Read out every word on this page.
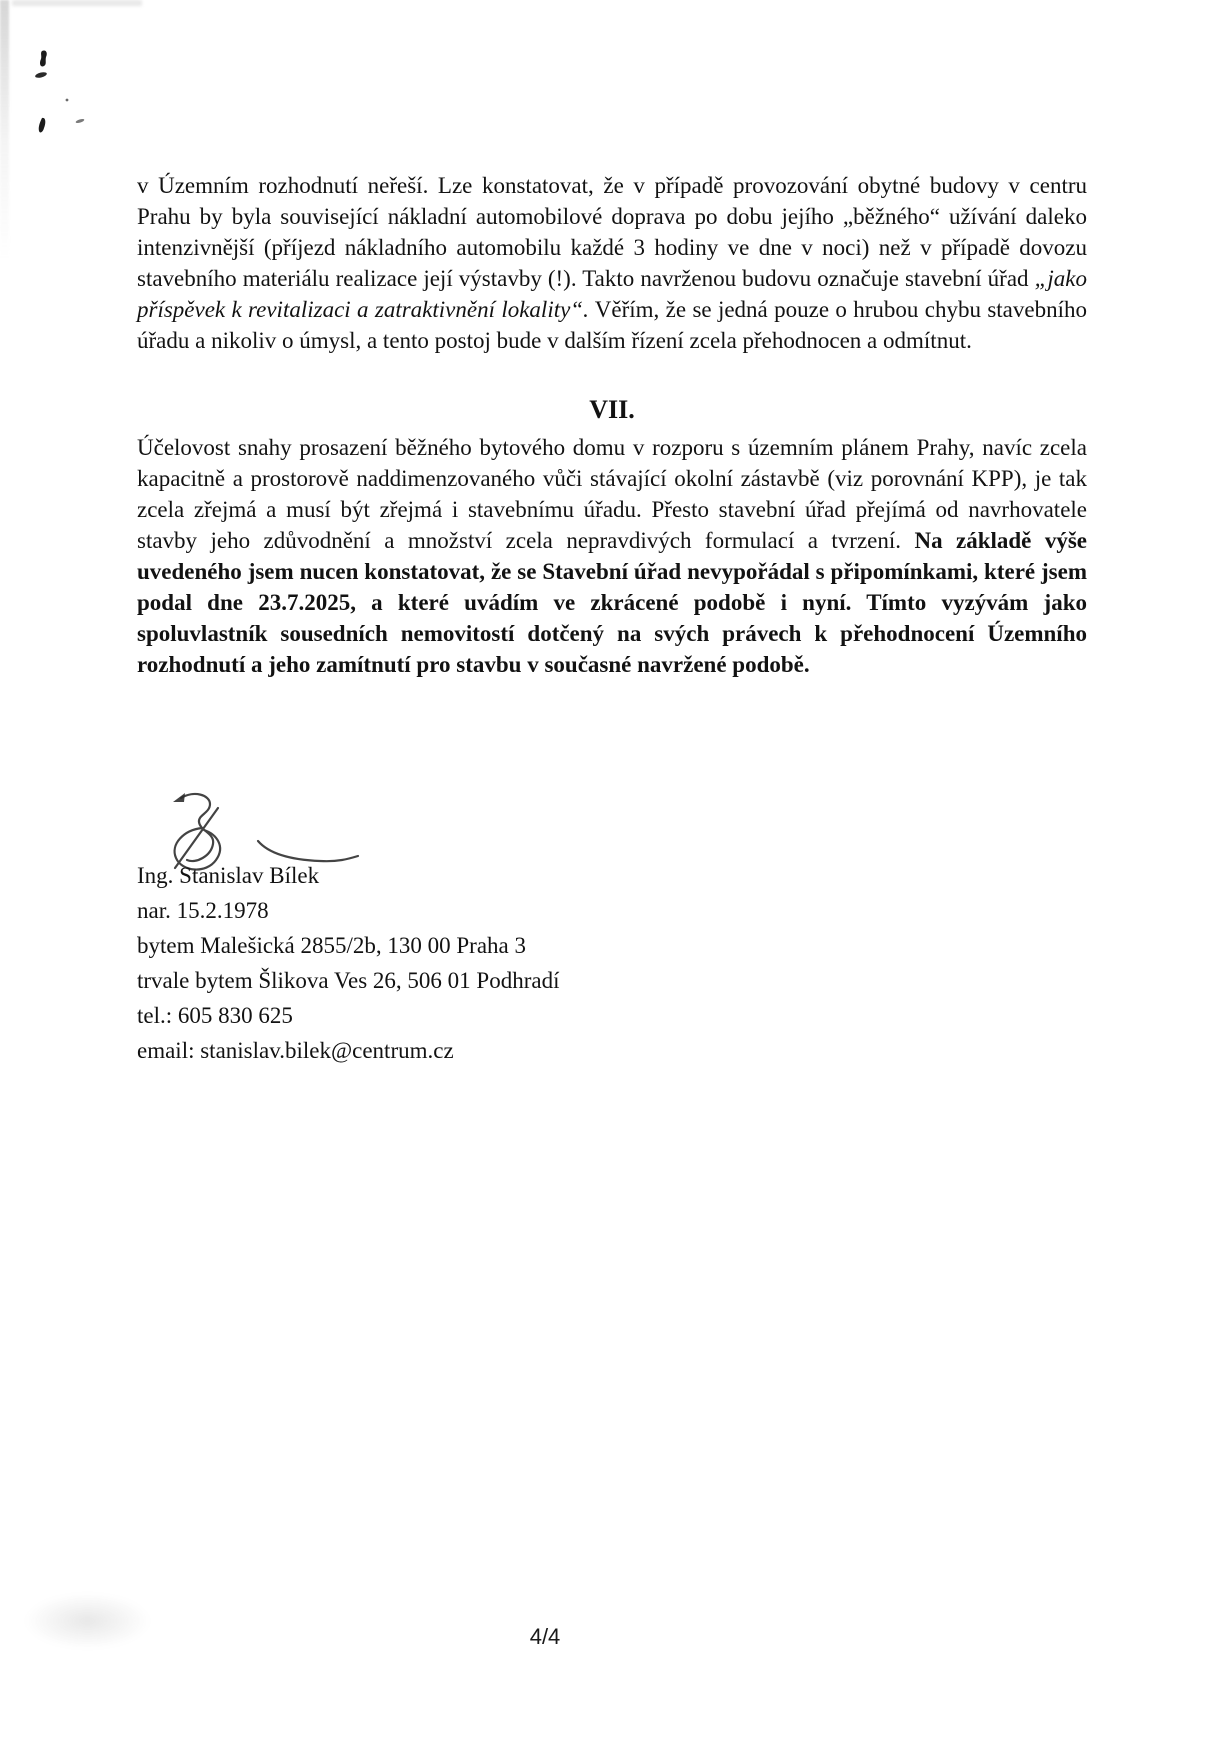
v Územním rozhodnutí neřeší. Lze konstatovat, že v případě provozování obytné budovy v centru Prahu by byla související nákladní automobilové doprava po dobu jejího „běžného“ užívání daleko intenzivnější (příjezd nákladního automobilu každé 3 hodiny ve dne v noci) než v případě dovozu stavebního materiálu realizace její výstavby (!). Takto navrženou budovu označuje stavební úřad „jako příspěvek k revitalizaci a zatraktivnění lokality“. Věřím, že se jedná pouze o hrubou chybu stavebního úřadu a nikoliv o úmysl, a tento postoj bude v dalším řízení zcela přehodnocen a odmítnut.

VII.

Účelovost snahy prosazení běžného bytového domu v rozporu s územním plánem Prahy, navíc zcela kapacitně a prostorově naddimenzovaného vůči stávající okolní zástavbě (viz porovnání KPP), je tak zcela zřejmá a musí být zřejmá i stavebnímu úřadu. Přesto stavební úřad přejímá od navrhovatele stavby jeho zdůvodnění a množství zcela nepravdivých formulací a tvrzení. Na základě výše uvedeného jsem nucen konstatovat, že se Stavební úřad nevypořádal s připomínkami, které jsem podal dne 23.7.2025, a které uvádím ve zkrácené podobě i nyní. Tímto vyzývám jako spoluvlastník sousedních nemovitostí dotčený na svých právech k přehodnocení Územního rozhodnutí a jeho zamítnutí pro stavbu v současné navržené podobě.

Ing. Stanislav Bílek
nar. 15.2.1978
bytem Malešická 2855/2b, 130 00 Praha 3
trvale bytem Šlikova Ves 26, 506 01 Podhradí
tel.: 605 830 625
email: stanislav.bilek@centrum.cz
4/4
